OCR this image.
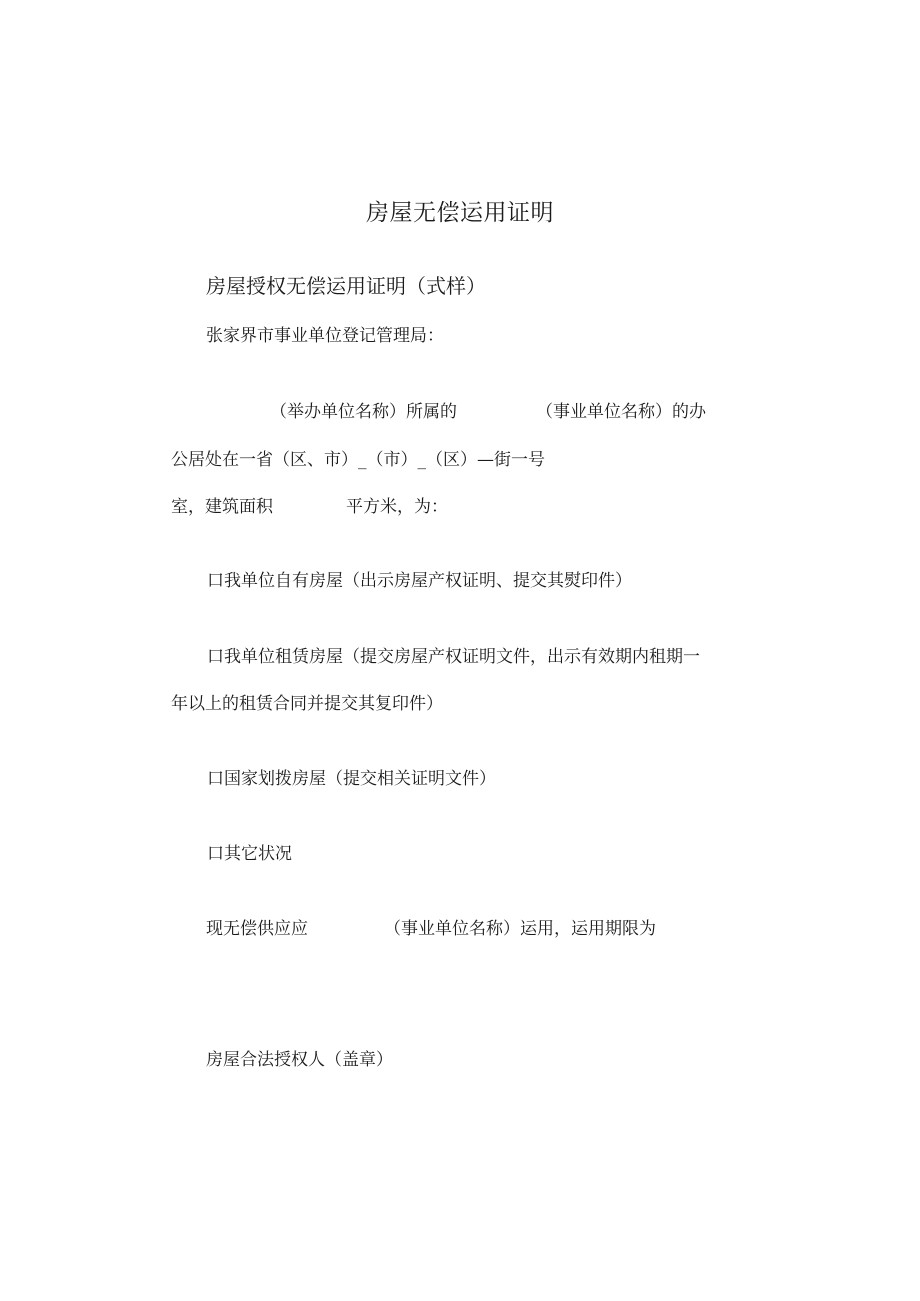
房屋无偿运用证明
房屋授权无偿运用证明（式样）
张家界市事业单位登记管理局：
（举办单位名称）所属的	（事业单位名称）的办
公居处在一省（区、市）_（市）_（区）—街一号
室，建筑面积	平方米，为：
口我单位自有房屋（出示房屋产权证明、提交其熨印件）
口我单位租赁房屋（提交房屋产权证明文件，出示有效期内租期一
年以上的租赁合同并提交其复印件）
口国家划拨房屋（提交相关证明文件）
口其它状况
现无偿供应应	（事业单位名称）运用，运用期限为
房屋合法授权人（盖章）
